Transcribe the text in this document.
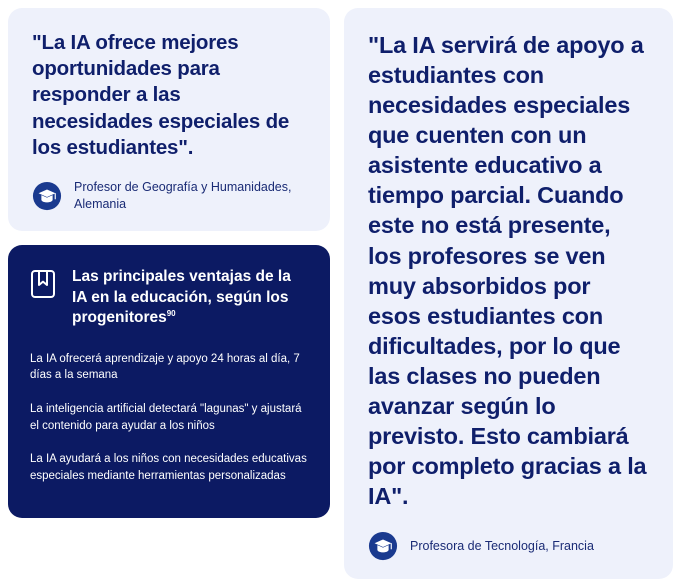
"La IA ofrece mejores oportunidades para responder a las necesidades especiales de los estudiantes".
Profesor de Geografía y Humanidades, Alemania
Las principales ventajas de la IA en la educación, según los progenitores$^{90}$
La IA ofrecerá aprendizaje y apoyo 24 horas al día, 7 días a la semana
La inteligencia artificial detectará "lagunas" y ajustará el contenido para ayudar a los niños
La IA ayudará a los niños con necesidades educativas especiales mediante herramientas personalizadas
"La IA servirá de apoyo a estudiantes con necesidades especiales que cuenten con un asistente educativo a tiempo parcial. Cuando este no está presente, los profesores se ven muy absorbidos por esos estudiantes con dificultades, por lo que las clases no pueden avanzar según lo previsto. Esto cambiará por completo gracias a la IA".
Profesora de Tecnología, Francia
